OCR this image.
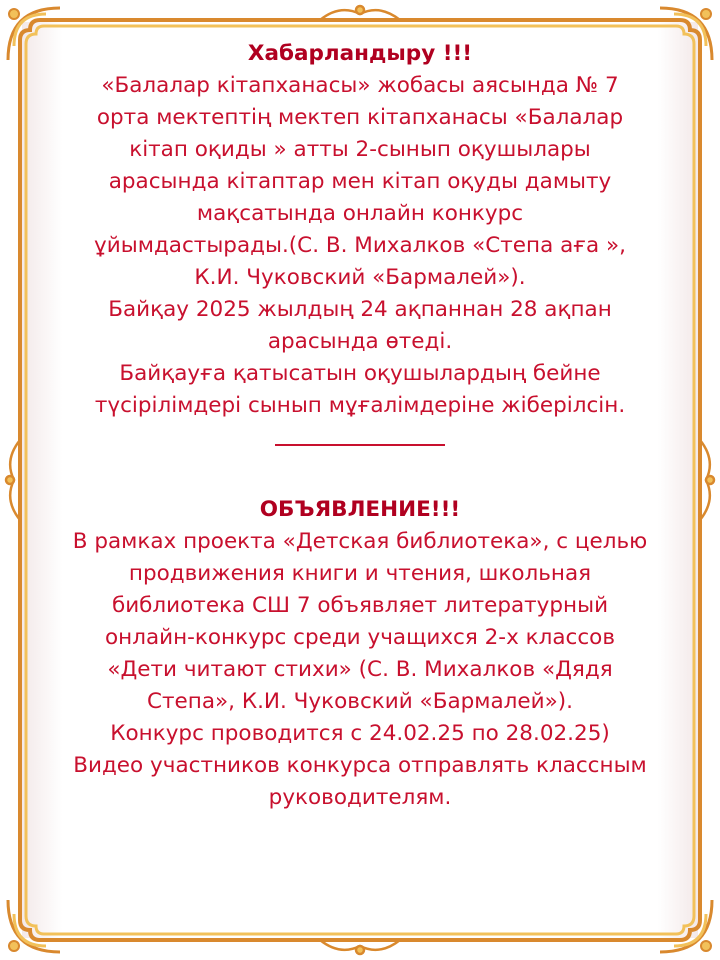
Хабарландыру !!!
«Балалар кітапханасы» жобасы аясында № 7
орта мектептің мектеп кітапханасы «Балалар
кітап оқиды » атты 2-сынып оқушылары
арасында кітаптар мен кітап оқуды дамыту
мақсатында онлайн конкурс
ұйымдастырады.(С. В. Михалков «Степа аға »,
К.И. Чуковский «Бармалей»).
Байқау 2025 жылдың 24 ақпаннан 28 ақпан
арасында өтеді.
Байқауға қатысатын оқушылардың бейне
түсірілімдері сынып мұғалімдеріне жіберілсін.
ОБЪЯВЛЕНИЕ!!!
В рамках проекта «Детская библиотека», с целью
продвижения книги и чтения, школьная
библиотека СШ 7 объявляет литературный
онлайн-конкурс среди учащихся 2-х классов
«Дети читают стихи» (С. В. Михалков «Дядя
Степа», К.И. Чуковский «Бармалей»).
Конкурс проводится с 24.02.25 по 28.02.25)
Видео участников конкурса отправлять классным
руководителям.
